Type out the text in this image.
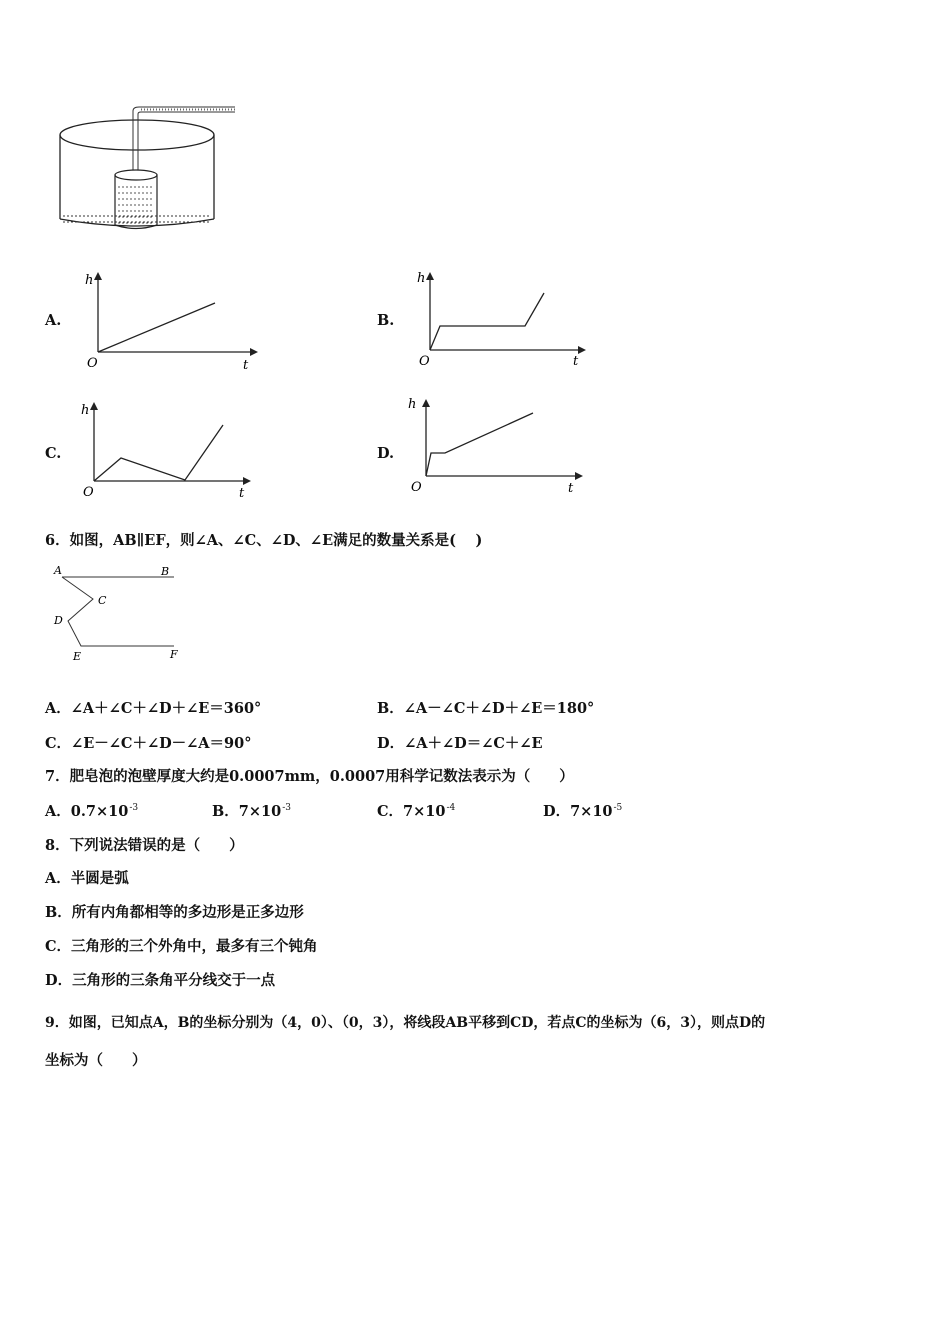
A.	B.
C.	D.
h
O	t
h
O	t
h
O	t
h
O	t
6．如图，AB∥EF，则∠A、∠C、∠D、∠E满足的数量关系是(　 )
A	B
C
D
E	F
A．∠A＋∠C＋∠D＋∠E＝360°	B．∠A－∠C＋∠D＋∠E＝180°
C．∠E－∠C＋∠D－∠A＝90°	D．∠A＋∠D＝∠C＋∠E
7．肥皂泡的泡壁厚度大约是0.0007mm，0.0007用科学记数法表示为（　　）
A．$0.7\times 10^{-3}$	B．$7\times 10^{-3}$	C．$7\times 10^{-4}$	D．$7\times 10^{-5}$
8．下列说法错误的是（　　）
A．半圆是弧
B．所有内角都相等的多边形是正多边形
C．三角形的三个外角中，最多有三个钝角
D．三角形的三条角平分线交于一点
9．如图，已知点A，B的坐标分别为（4，0）、（0，3），将线段AB平移到CD，若点C的坐标为（6，3），则点D的
坐标为（　　）
